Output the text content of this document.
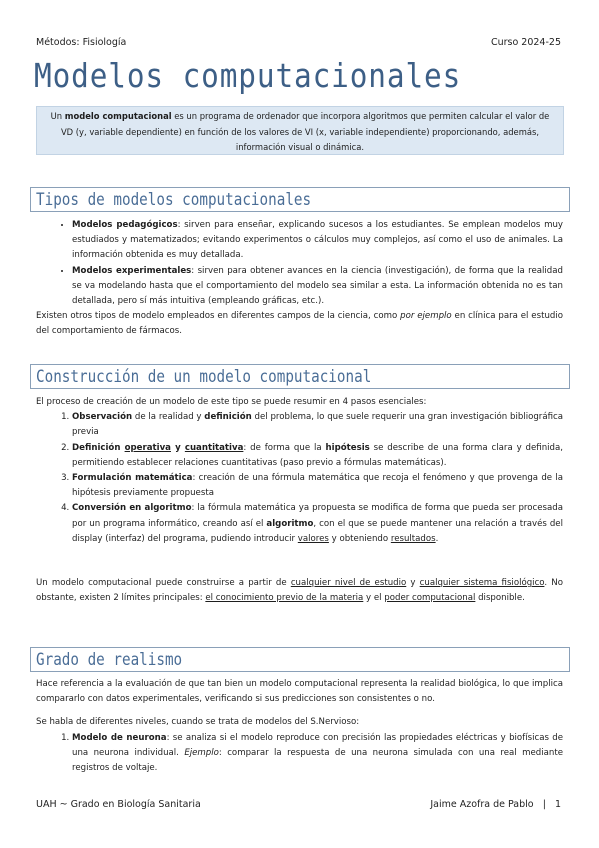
Métodos: Fisiología	Curso 2024-25
Modelos computacionales
Un modelo computacional es un programa de ordenador que incorpora algoritmos que permiten calcular el valor de VD (y, variable dependiente) en función de los valores de VI (x, variable independiente) proporcionando, además, información visual o dinámica.
Tipos de modelos computacionales
• Modelos pedagógicos: sirven para enseñar, explicando sucesos a los estudiantes. Se emplean modelos muy estudiados y matematizados; evitando experimentos o cálculos muy complejos, así como el uso de animales. La información obtenida es muy detallada.
• Modelos experimentales: sirven para obtener avances en la ciencia (investigación), de forma que la realidad se va modelando hasta que el comportamiento del modelo sea similar a esta. La información obtenida no es tan detallada, pero sí más intuitiva (empleando gráficas, etc.).

Existen otros tipos de modelo empleados en diferentes campos de la ciencia, como por ejemplo en clínica para el estudio del comportamiento de fármacos.

Construcción de un modelo computacional

El proceso de creación de un modelo de este tipo se puede resumir en 4 pasos esenciales:

1. Observación de la realidad y definición del problema, lo que suele requerir una gran investigación bibliográfica previa
2. Definición operativa y cuantitativa: de forma que la hipótesis se describe de una forma clara y definida, permitiendo establecer relaciones cuantitativas (paso previo a fórmulas matemáticas).
3. Formulación matemática: creación de una fórmula matemática que recoja el fenómeno y que provenga de la hipótesis previamente propuesta
4. Conversión en algoritmo: la fórmula matemática ya propuesta se modifica de forma que pueda ser procesada por un programa informático, creando así el algoritmo, con el que se puede mantener una relación a través del display (interfaz) del programa, pudiendo introducir valores y obteniendo resultados.

Un modelo computacional puede construirse a partir de cualquier nivel de estudio y cualquier sistema fisiológico. No obstante, existen 2 límites principales: el conocimiento previo de la materia y el poder computacional disponible.

Grado de realismo

Hace referencia a la evaluación de que tan bien un modelo computacional representa la realidad biológica, lo que implica compararlo con datos experimentales, verificando si sus predicciones son consistentes o no.

Se habla de diferentes niveles, cuando se trata de modelos del S.Nervioso:

1. Modelo de neurona: se analiza si el modelo reproduce con precisión las propiedades eléctricas y biofísicas de una neurona individual. Ejemplo: comparar la respuesta de una neurona simulada con una real mediante registros de voltaje.
UAH ~ Grado en Biología Sanitaria	Jaime Azofra de Pablo | 1
